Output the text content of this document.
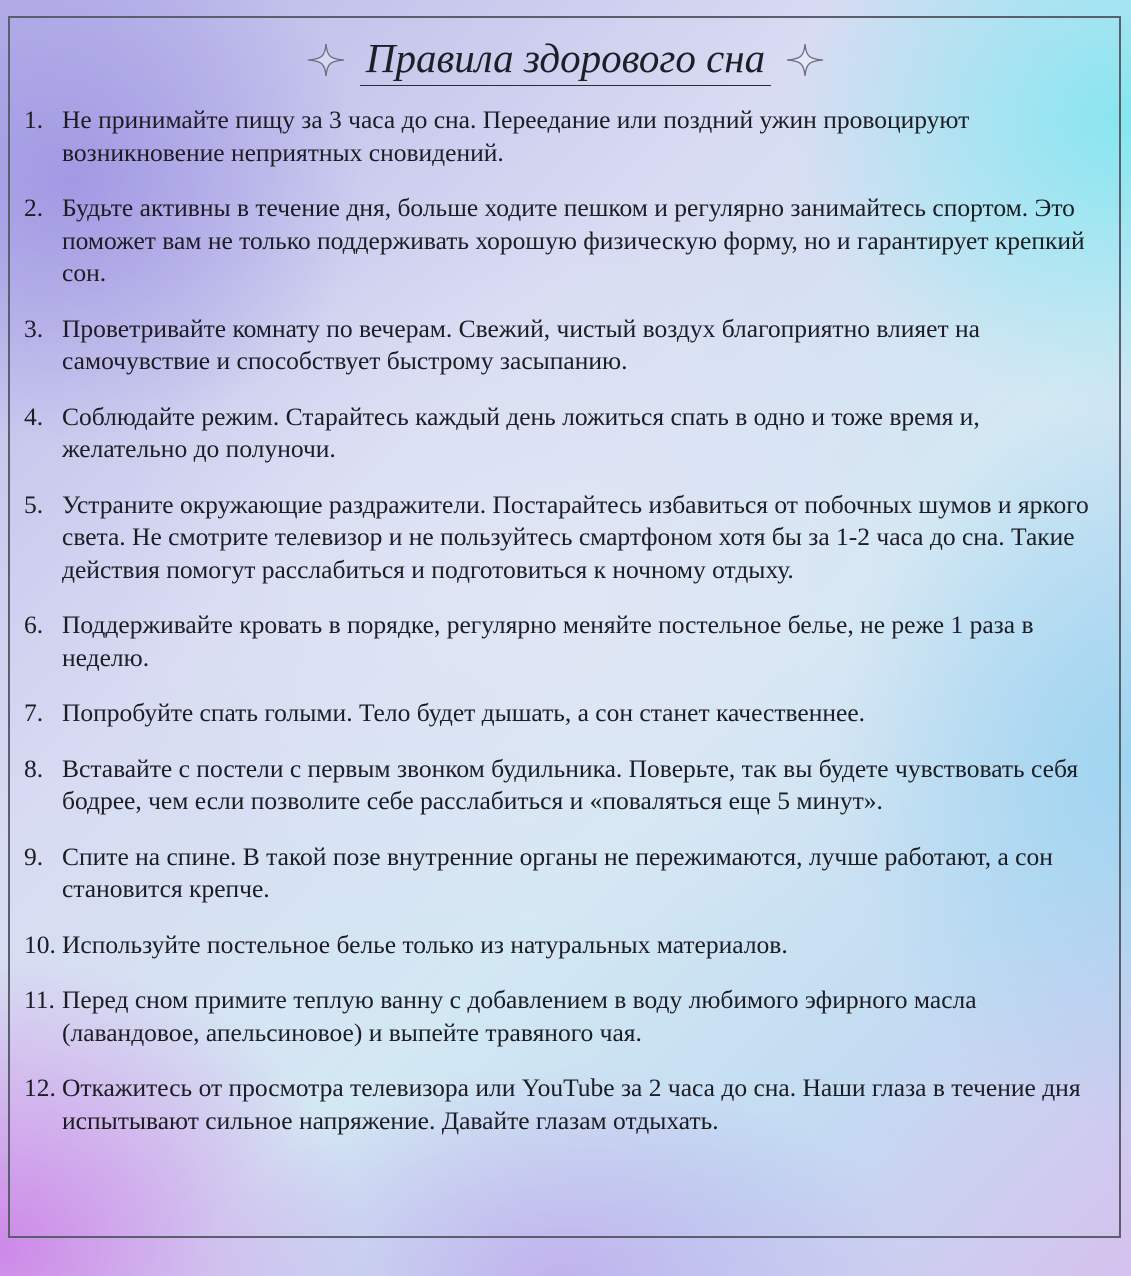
Правила здорового сна
1. Не принимайте пищу за 3 часа до сна. Переедание или поздний ужин провоцируют возникновение неприятных сновидений.
2. Будьте активны в течение дня, больше ходите пешком и регулярно занимайтесь спортом. Это поможет вам не только поддерживать хорошую физическую форму, но и гарантирует крепкий сон.
3. Проветривайте комнату по вечерам. Свежий, чистый воздух благоприятно влияет на самочувствие и способствует быстрому засыпанию.
4. Соблюдайте режим. Старайтесь каждый день ложиться спать в одно и тоже время и, желательно до полуночи.
5. Устраните окружающие раздражители. Постарайтесь избавиться от побочных шумов и яркого света. Не смотрите телевизор и не пользуйтесь смартфоном хотя бы за 1-2 часа до сна. Такие действия помогут расслабиться и подготовиться к ночному отдыху.
6. Поддерживайте кровать в порядке, регулярно меняйте постельное белье, не реже 1 раза в неделю.
7. Попробуйте спать голыми. Тело будет дышать, а сон станет качественнее.
8. Вставайте с постели с первым звонком будильника. Поверьте, так вы будете чувствовать себя бодрее, чем если позволите себе расслабиться и «поваляться еще 5 минут».
9. Спите на спине. В такой позе внутренние органы не пережимаются, лучше работают, а сон становится крепче.
10. Используйте постельное белье только из натуральных материалов.
11. Перед сном примите теплую ванну с добавлением в воду любимого эфирного масла (лавандовое, апельсиновое) и выпейте травяного чая.
12. Откажитесь от просмотра телевизора или YouTube за 2 часа до сна. Наши глаза в течение дня испытывают сильное напряжение. Давайте глазам отдыхать.
